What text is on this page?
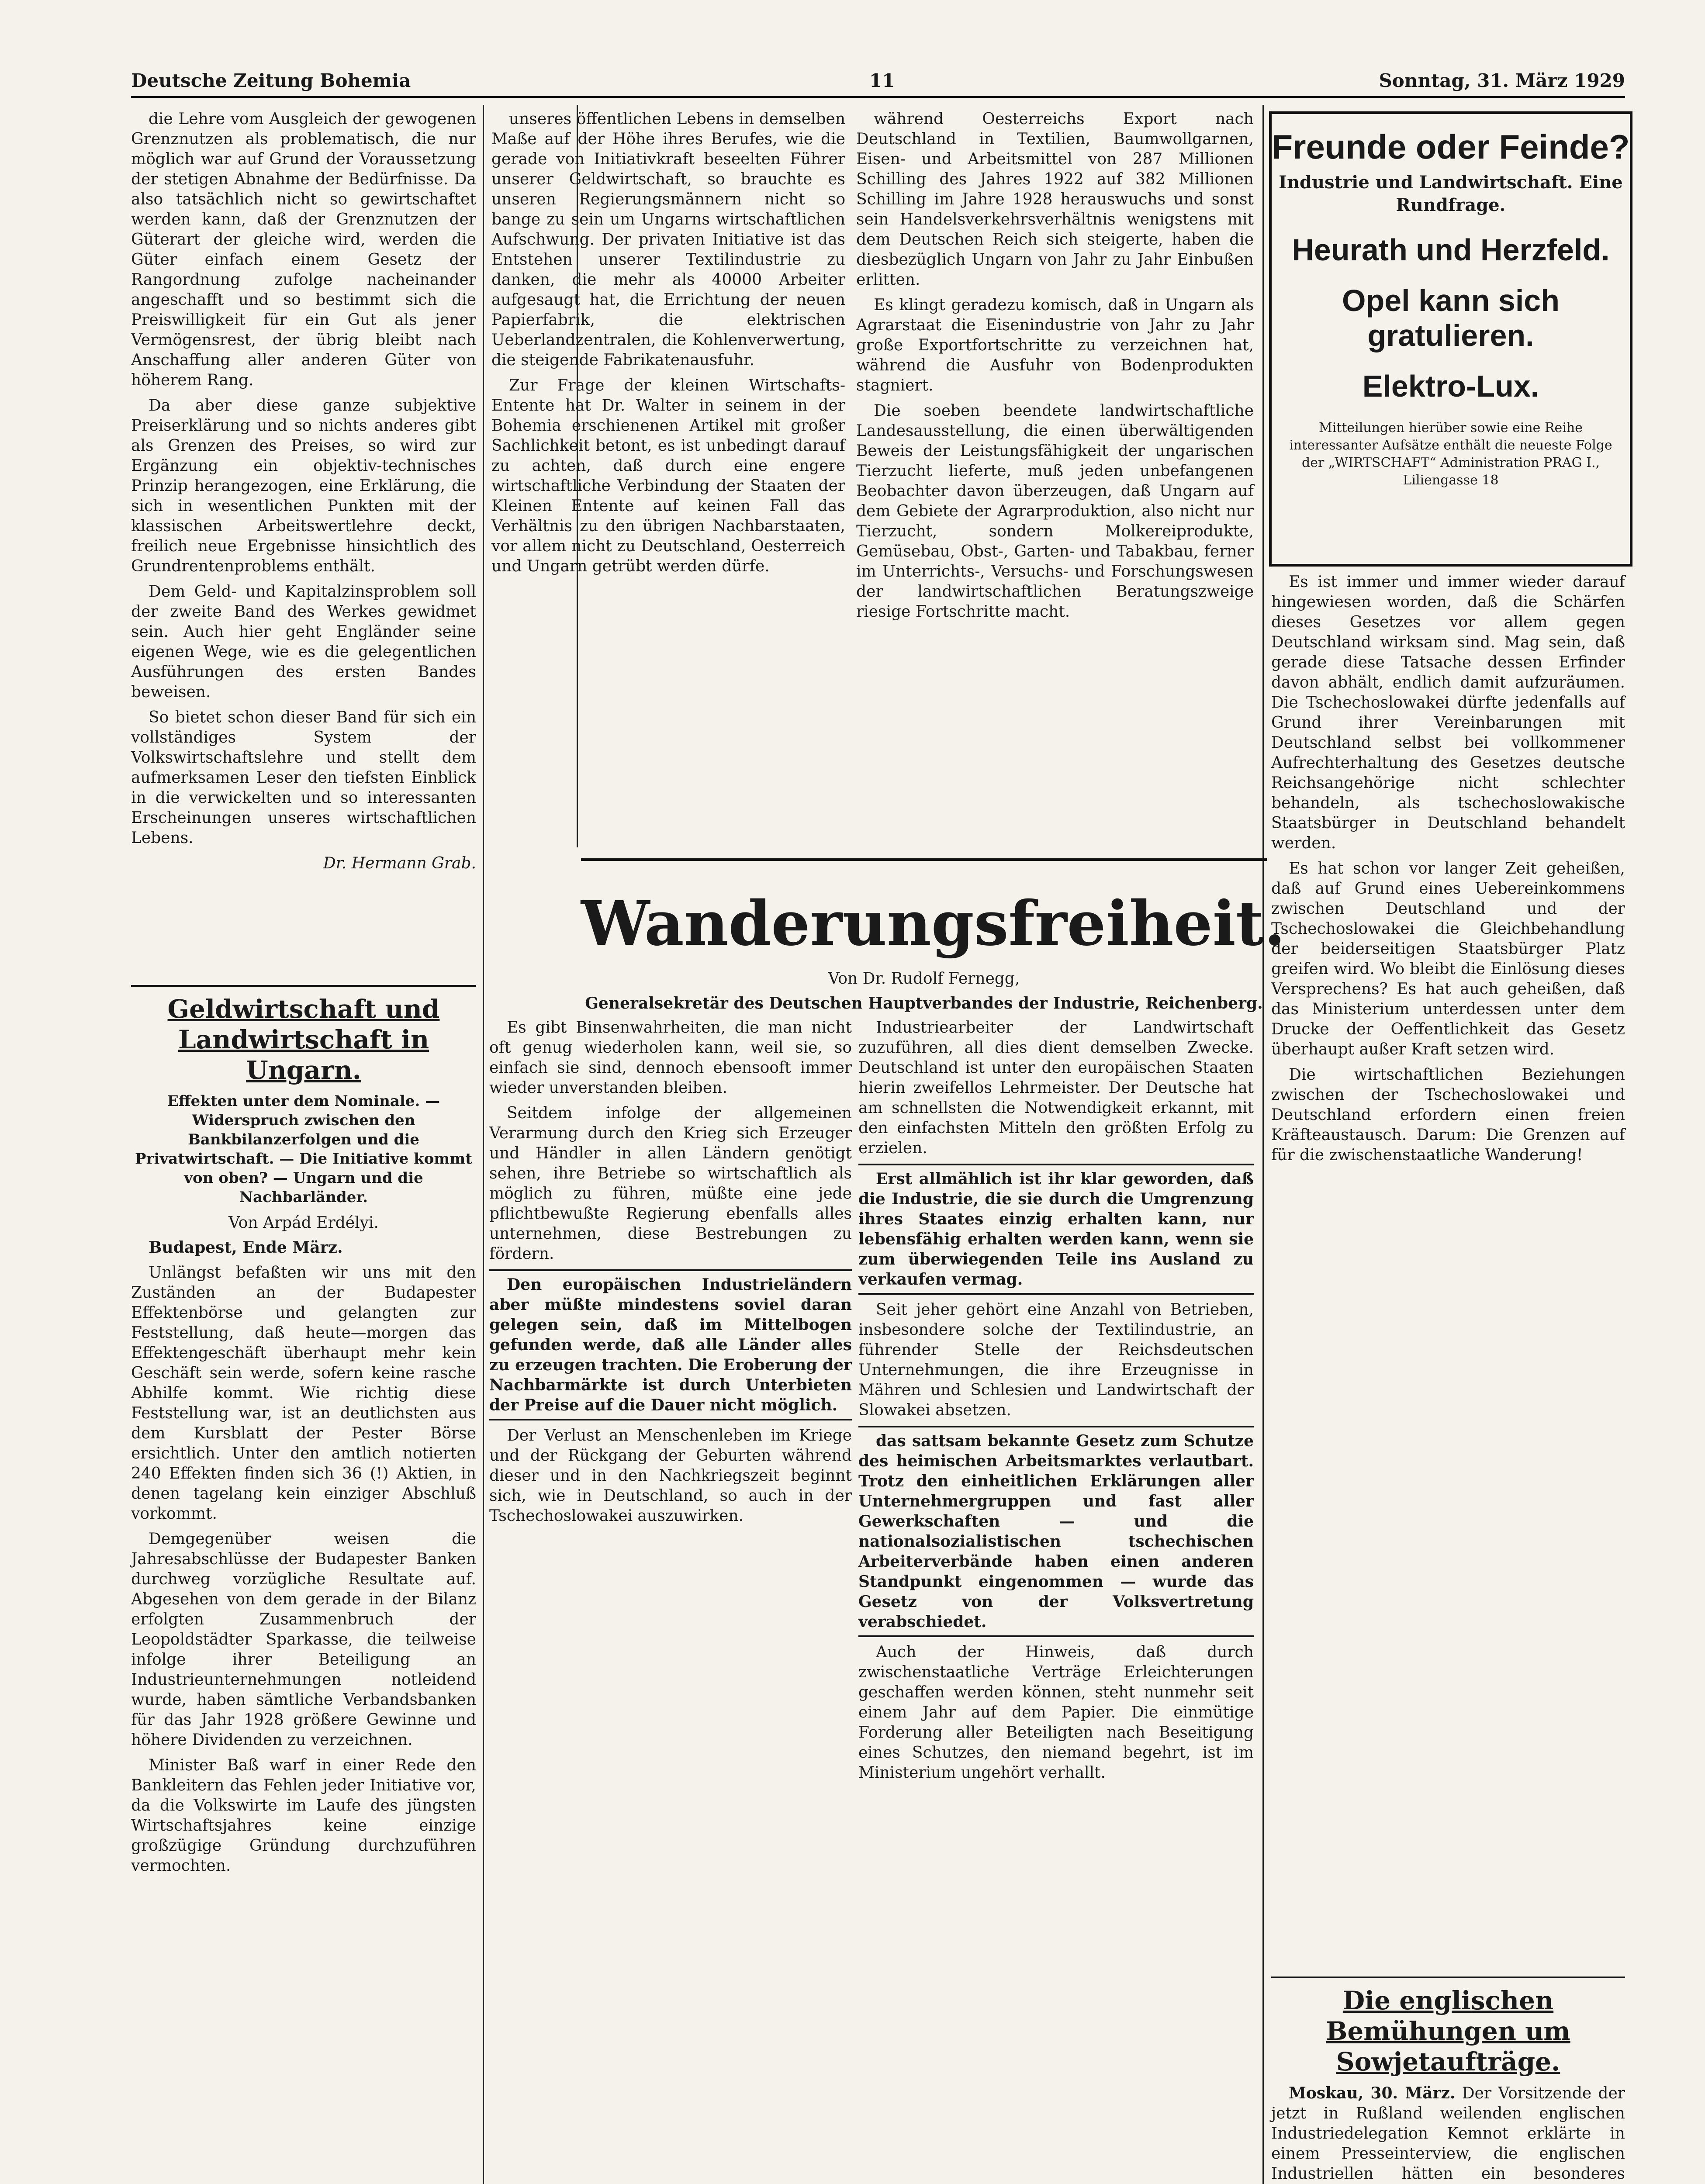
Deutsche Zeitung Bohemia	11	Sonntag, 31. März 1929

die Lehre vom Ausgleich der gewogenen Grenznutzen als problematisch, die nur möglich war auf Grund der Voraussetzung der stetigen Abnahme der Bedürfnisse. Da also tatsächlich nicht so gewirtschaftet werden kann, daß der Grenznutzen der Güterart der gleiche wird, werden die Güter einfach einem Gesetz der Rangordnung zufolge nacheinander angeschafft und so bestimmt sich die Preiswilligkeit für ein Gut als jener Vermögensrest, der übrig bleibt nach Anschaffung aller anderen Güter von höherem Rang.

Da aber diese ganze subjektive Preiserklärung und so nichts anderes gibt als Grenzen des Preises, so wird zur Ergänzung ein objektiv-technisches Prinzip herangezogen, eine Erklärung, die sich in wesentlichen Punkten mit der klassischen Arbeitswertlehre deckt, freilich neue Ergebnisse hinsichtlich des Grundrentenproblems enthält.

Dem Geld- und Kapitalzinsproblem soll der zweite Band des Werkes gewidmet sein. Auch hier geht Engländer seine eigenen Wege, wie es die gelegentlichen Ausführungen des ersten Bandes beweisen.

So bietet schon dieser Band für sich ein vollständiges System der Volkswirtschaftslehre und stellt dem aufmerksamen Leser den tiefsten Einblick in die verwickelten und so interessanten Erscheinungen unseres wirtschaftlichen Lebens.

Dr. Hermann Grab.

Geldwirtschaft und Landwirtschaft in Ungarn.
Effekten unter dem Nominale. — Widerspruch zwischen den Bankbilanzerfolgen und die Privatwirtschaft. — Die Initiative kommt von oben? — Ungarn und die Nachbarländer.
Von Arpád Erdélyi.

Budapest, Ende März.

Unlängst befaßten wir uns mit den Zuständen an der Budapester Effektenbörse und gelangten zur Feststellung, daß heute—morgen das Effektengeschäft überhaupt mehr kein Geschäft sein werde, sofern keine rasche Abhilfe kommt. Wie richtig diese Feststellung war, ist an deutlichsten aus dem Kursblatt der Pester Börse ersichtlich. Unter den amtlich notierten 240 Effekten finden sich 36 (!) Aktien, in denen tagelang kein einziger Abschluß vorkommt.

Demgegenüber weisen die Jahresabschlüsse der Budapester Banken durchweg vorzügliche Resultate auf. Abgesehen von dem gerade in der Bilanz erfolgten Zusammenbruch der Leopoldstädter Sparkasse, die teilweise infolge ihrer Beteiligung an Industrieunternehmungen notleidend wurde, haben sämtliche Verbandsbanken für das Jahr 1928 größere Gewinne und höhere Dividenden zu verzeichnen.

Minister Baß warf in einer Rede den Bankleitern das Fehlen jeder Initiative vor, da die Volkswirte im Laufe des jüngsten Wirtschaftsjahres keine einzige großzügige Gründung durchzuführen vermochten.

unseres öffentlichen Lebens in demselben Maße auf der Höhe ihres Berufes, wie die gerade von Initiativkraft beseelten Führer unserer Geldwirtschaft, so brauchte es unseren Regierungsmännern nicht so bange zu sein um Ungarns wirtschaftlichen Aufschwung. Der privaten Initiative ist das Entstehen unserer Textilindustrie zu danken, die mehr als 40000 Arbeiter aufgesaugt hat, die Errichtung der neuen Papierfabrik, die elektrischen Ueberlandzentralen, die Kohlenverwertung, die steigende Fabrikatenausfuhr.

Zur Frage der kleinen Wirtschafts-Entente hat Dr. Walter in seinem in der Bohemia erschienenen Artikel mit großer Sachlichkeit betont, es ist unbedingt darauf zu achten, daß durch eine engere wirtschaftliche Verbindung der Staaten der Kleinen Entente auf keinen Fall das Verhältnis zu den übrigen Nachbarstaaten, vor allem nicht zu Deutschland, Oesterreich und Ungarn getrübt werden dürfe.

während Oesterreichs Export nach Deutschland in Textilien, Baumwollgarnen, Eisen- und Arbeitsmittel von 287 Millionen Schilling des Jahres 1922 auf 382 Millionen Schilling im Jahre 1928 herauswuchs und sonst sein Handelsverkehrsverhältnis wenigstens mit dem Deutschen Reich sich steigerte, haben die diesbezüglich Ungarn von Jahr zu Jahr Einbußen erlitten.

Es klingt geradezu komisch, daß in Ungarn als Agrarstaat die Eisenindustrie von Jahr zu Jahr große Exportfortschritte zu verzeichnen hat, während die Ausfuhr von Bodenprodukten stagniert.

Die soeben beendete landwirtschaftliche Landesausstellung, die einen überwältigenden Beweis der Leistungsfähigkeit der ungarischen Tierzucht lieferte, muß jeden unbefangenen Beobachter davon überzeugen, daß Ungarn auf dem Gebiete der Agrarproduktion, also nicht nur Tierzucht, sondern Molkereiprodukte, Gemüsebau, Obst-, Garten- und Tabakbau, ferner im Unterrichts-, Versuchs- und Forschungswesen der landwirtschaftlichen Beratungszweige riesige Fortschritte macht.

Freunde oder Feinde?
Industrie und Landwirtschaft. Eine Rundfrage.
Heurath und Herzfeld.
Opel kann sich gratulieren.
Elektro-Lux.
Mitteilungen hierüber sowie eine Reihe interessanter Aufsätze enthält die neueste Folge der „WIRTSCHAFT“ Administration PRAG I., Liliengasse 18

Es ist immer und immer wieder darauf hingewiesen worden, daß die Schärfen dieses Gesetzes vor allem gegen Deutschland wirksam sind. Mag sein, daß gerade diese Tatsache dessen Erfinder davon abhält, endlich damit aufzuräumen. Die Tschechoslowakei dürfte jedenfalls auf Grund ihrer Vereinbarungen mit Deutschland selbst bei vollkommener Aufrechterhaltung des Gesetzes deutsche Reichsangehörige nicht schlechter behandeln, als tschechoslowakische Staatsbürger in Deutschland behandelt werden.

Es hat schon vor langer Zeit geheißen, daß auf Grund eines Uebereinkommens zwischen Deutschland und der Tschechoslowakei die Gleichbehandlung der beiderseitigen Staatsbürger Platz greifen wird. Wo bleibt die Einlösung dieses Versprechens? Es hat auch geheißen, daß das Ministerium unterdessen unter dem Drucke der Oeffentlichkeit das Gesetz überhaupt außer Kraft setzen wird.

Die wirtschaftlichen Beziehungen zwischen der Tschechoslowakei und Deutschland erfordern einen freien Kräfteaustausch. Darum: Die Grenzen auf für die zwischenstaatliche Wanderung!

Die englischen Bemühungen um Sowjetaufträge.

Moskau, 30. März. Der Vorsitzende der jetzt in Rußland weilenden englischen Industriedelegation Kemnot erklärte in einem Presseinterview, die englischen Industriellen hätten ein besonderes

Wanderungsfreiheit.
Von Dr. Rudolf Fernegg,
Generalsekretär des Deutschen Hauptverbandes der Industrie, Reichenberg.

Es gibt Binsenwahrheiten, die man nicht oft genug wiederholen kann, weil sie, so einfach sie sind, dennoch ebensooft immer wieder unverstanden bleiben.

Seitdem infolge der allgemeinen Verarmung durch den Krieg sich Erzeuger und Händler in allen Ländern genötigt sehen, ihre Betriebe so wirtschaftlich als möglich zu führen, müßte eine jede pflichtbewußte Regierung ebenfalls alles unternehmen, diese Bestrebungen zu fördern.

Den europäischen Industrieländern aber müßte mindestens soviel daran gelegen sein, daß im Mittelbogen gefunden werde, daß alle Länder alles zu erzeugen trachten. Die Eroberung der Nachbarmärkte ist durch Unterbieten der Preise auf die Dauer nicht möglich.

Der Verlust an Menschenleben im Kriege und der Rückgang der Geburten während dieser und in den Nachkriegszeit beginnt sich, wie in Deutschland, so auch in der Tschechoslowakei auszuwirken.

Industriearbeiter der Landwirtschaft zuzuführen, all dies dient demselben Zwecke. Deutschland ist unter den europäischen Staaten hierin zweifellos Lehrmeister. Der Deutsche hat am schnellsten die Notwendigkeit erkannt, mit den einfachsten Mitteln den größten Erfolg zu erzielen.

Erst allmählich ist ihr klar geworden, daß die Industrie, die sie durch die Umgrenzung ihres Staates einzig erhalten kann, nur lebensfähig erhalten werden kann, wenn sie zum überwiegenden Teile ins Ausland zu verkaufen vermag.

Seit jeher gehört eine Anzahl von Betrieben, insbesondere solche der Textilindustrie, an führender Stelle der Reichsdeutschen Unternehmungen, die ihre Erzeugnisse in Mähren und Schlesien und Landwirtschaft der Slowakei absetzen.

das sattsam bekannte Gesetz zum Schutze des heimischen Arbeitsmarktes verlautbart. Trotz den einheitlichen Erklärungen aller Unternehmergruppen und fast aller Gewerkschaften — und die nationalsozialistischen tschechischen Arbeiterverbände haben einen anderen Standpunkt eingenommen — wurde das Gesetz von der Volksvertretung verabschiedet.

Auch der Hinweis, daß durch zwischenstaatliche Verträge Erleichterungen geschaffen werden können, steht nunmehr seit einem Jahr auf dem Papier. Die einmütige Forderung aller Beteiligten nach Beseitigung eines Schutzes, den niemand begehrt, ist im Ministerium ungehört verhallt.
